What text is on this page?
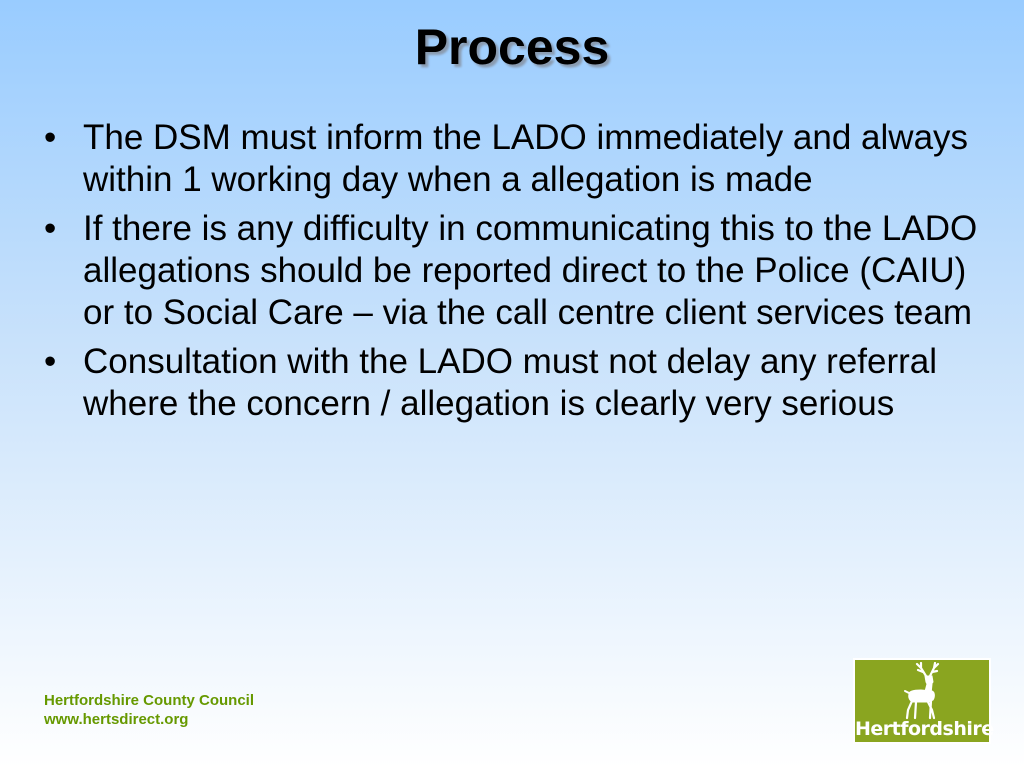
Process
• The DSM must inform the LADO immediately and always within 1 working day when a allegation is made
• If there is any difficulty in communicating this to the LADO allegations should be reported direct to the Police (CAIU) or to Social Care – via the call centre client services team
• Consultation with the LADO must not delay any referral where the concern / allegation is clearly very serious
Hertfordshire County Council
www.hertsdirect.org	Hertfordshire
